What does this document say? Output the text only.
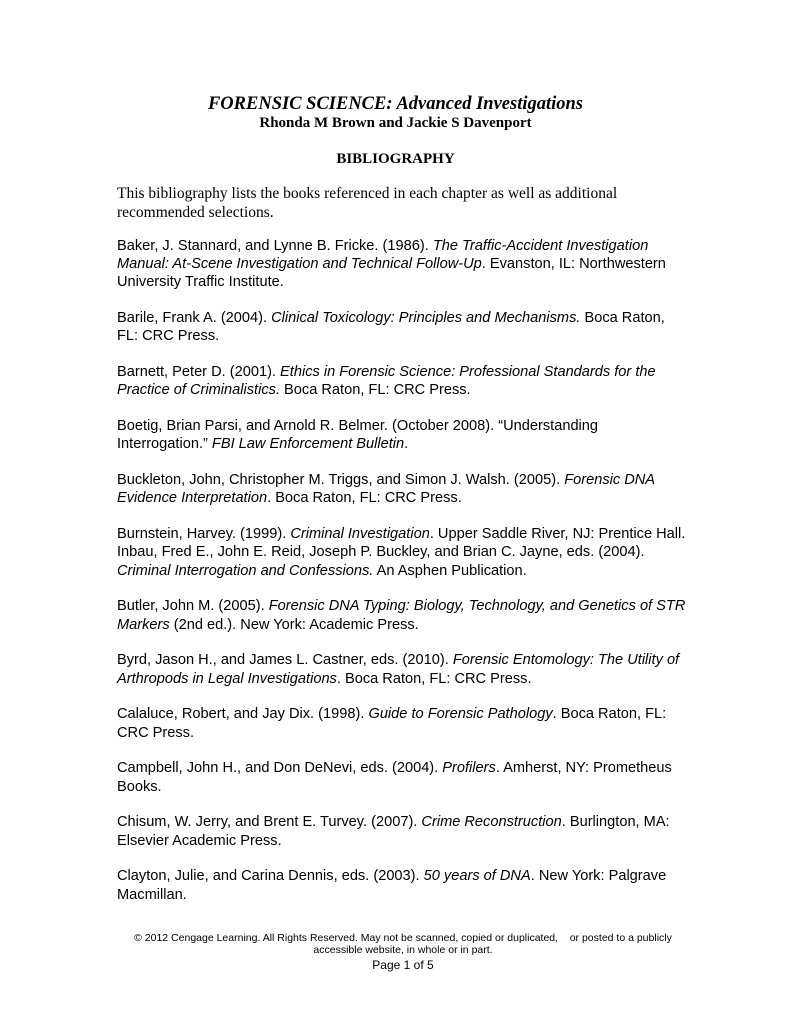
FORENSIC SCIENCE: Advanced Investigations
Rhonda M Brown and Jackie S Davenport
BIBLIOGRAPHY
This bibliography lists the books referenced in each chapter as well as additional recommended selections.

Baker, J. Stannard, and Lynne B. Fricke. (1986). The Traffic-Accident Investigation Manual: At-Scene Investigation and Technical Follow-Up. Evanston, IL: Northwestern University Traffic Institute.

Barile, Frank A. (2004). Clinical Toxicology: Principles and Mechanisms. Boca Raton, FL: CRC Press.

Barnett, Peter D. (2001). Ethics in Forensic Science: Professional Standards for the Practice of Criminalistics. Boca Raton, FL: CRC Press.

Boetig, Brian Parsi, and Arnold R. Belmer. (October 2008). “Understanding Interrogation.” FBI Law Enforcement Bulletin.

Buckleton, John, Christopher M. Triggs, and Simon J. Walsh. (2005). Forensic DNA Evidence Interpretation. Boca Raton, FL: CRC Press.

Burnstein, Harvey. (1999). Criminal Investigation. Upper Saddle River, NJ: Prentice Hall. Inbau, Fred E., John E. Reid, Joseph P. Buckley, and Brian C. Jayne, eds. (2004). Criminal Interrogation and Confessions. An Asphen Publication.

Butler, John M. (2005). Forensic DNA Typing: Biology, Technology, and Genetics of STR Markers (2nd ed.). New York: Academic Press.

Byrd, Jason H., and James L. Castner, eds. (2010). Forensic Entomology: The Utility of Arthropods in Legal Investigations. Boca Raton, FL: CRC Press.

Calaluce, Robert, and Jay Dix. (1998). Guide to Forensic Pathology. Boca Raton, FL: CRC Press.

Campbell, John H., and Don DeNevi, eds. (2004). Profilers. Amherst, NY: Prometheus Books.

Chisum, W. Jerry, and Brent E. Turvey. (2007). Crime Reconstruction. Burlington, MA: Elsevier Academic Press.

Clayton, Julie, and Carina Dennis, eds. (2003). 50 years of DNA. New York: Palgrave Macmillan.

© 2012 Cengage Learning. All Rights Reserved. May not be scanned, copied or duplicated,    or posted to a publicly accessible website, in whole or in part.
Page 1 of 5
